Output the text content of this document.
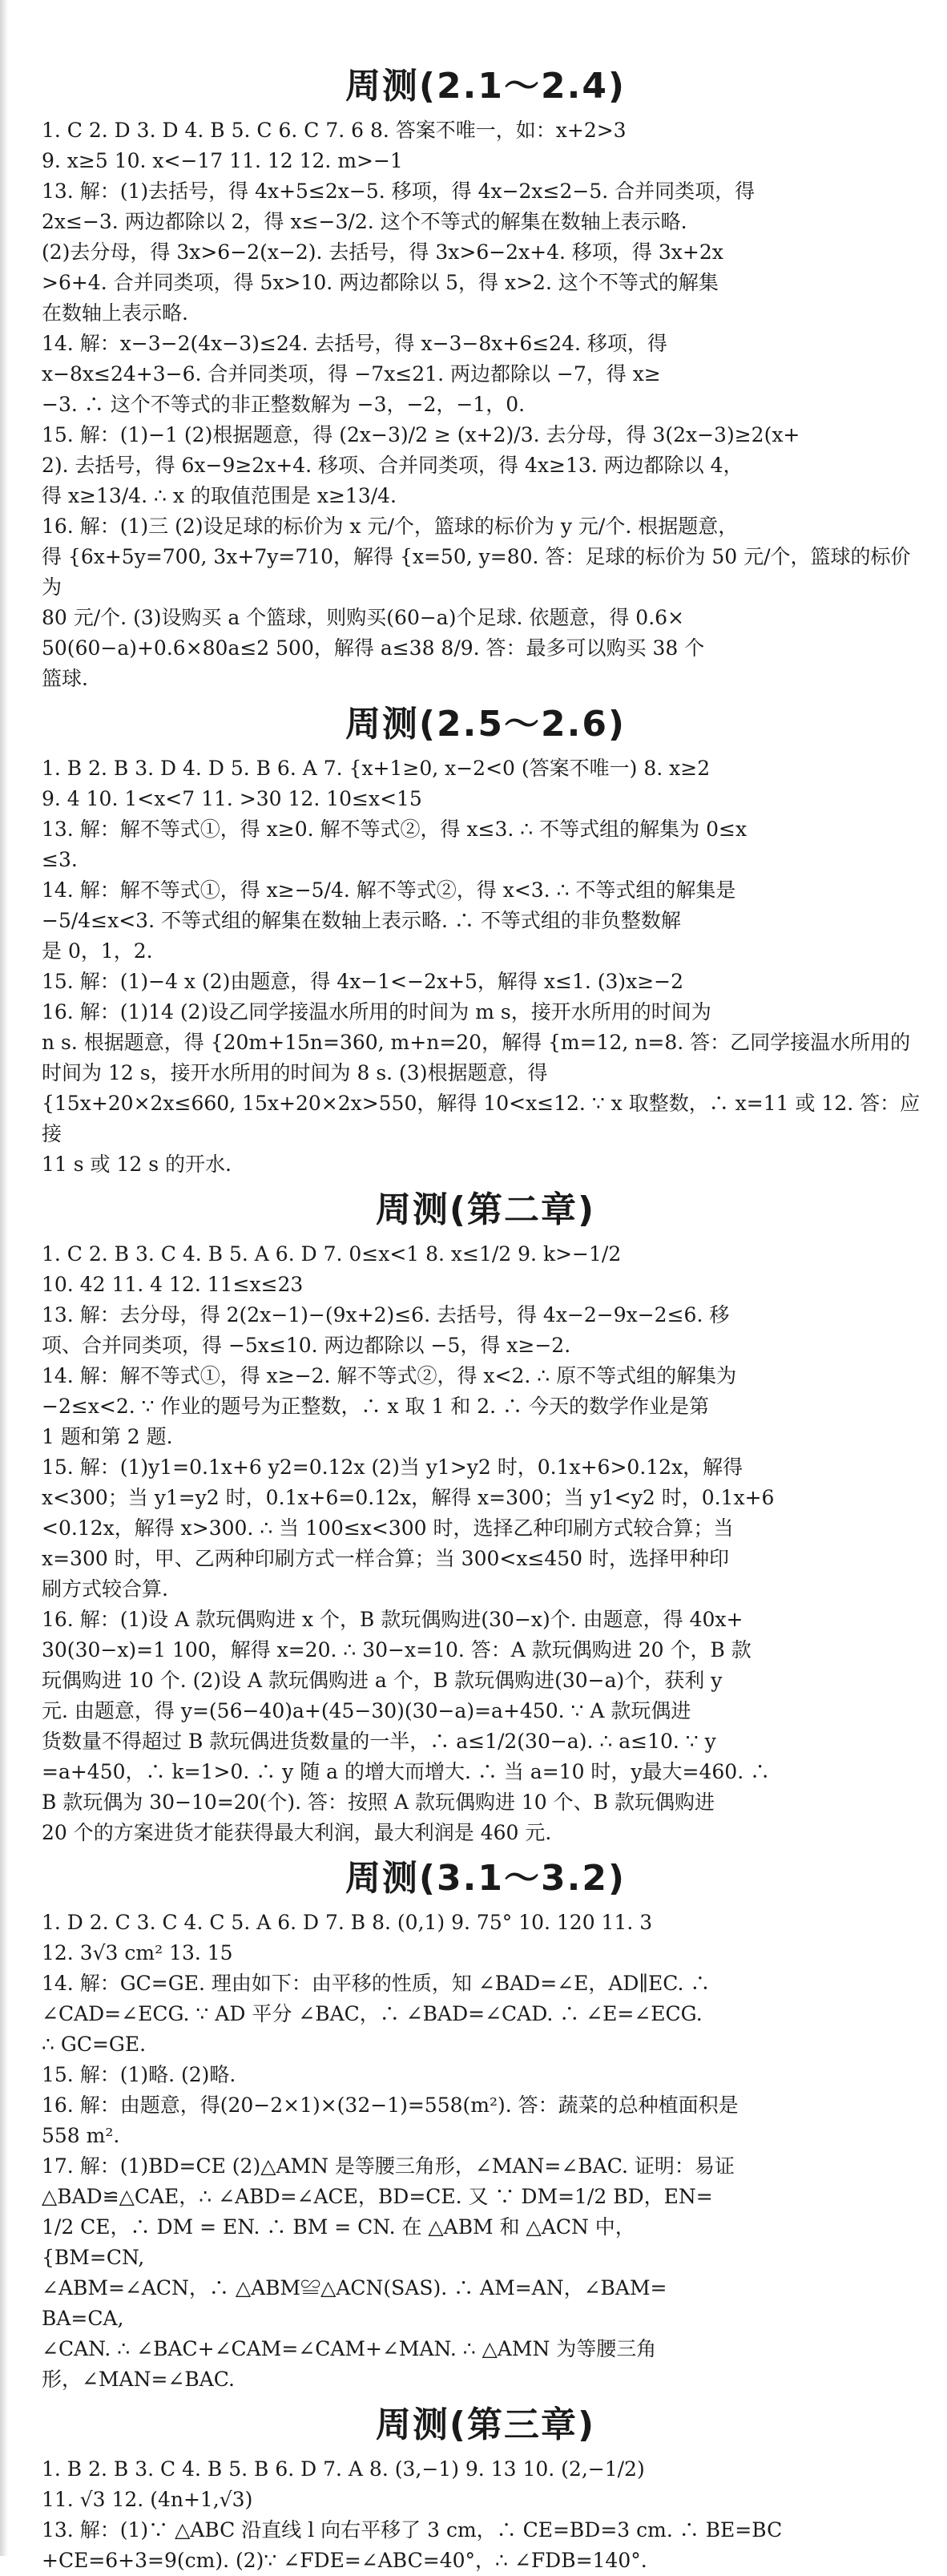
周测(2.1～2.4)

1. C 2. D 3. D 4. B 5. C 6. C 7. 6 8. 答案不唯一，如：x+2>3

9. x≥5 10. x<−17 11. 12 12. m>−1

13. 解：(1)去括号，得 4x+5≤2x−5. 移项，得 4x−2x≤2−5. 合并同类项，得

2x≤−3. 两边都除以 2，得 x≤−3/2. 这个不等式的解集在数轴上表示略.

(2)去分母，得 3x>6−2(x−2). 去括号，得 3x>6−2x+4. 移项，得 3x+2x

>6+4. 合并同类项，得 5x>10. 两边都除以 5，得 x>2. 这个不等式的解集

在数轴上表示略.

14. 解：x−3−2(4x−3)≤24. 去括号，得 x−3−8x+6≤24. 移项，得

x−8x≤24+3−6. 合并同类项，得 −7x≤21. 两边都除以 −7，得 x≥

−3. ∴ 这个不等式的非正整数解为 −3，−2，−1，0.

15. 解：(1)−1 (2)根据题意，得 (2x−3)/2 ≥ (x+2)/3. 去分母，得 3(2x−3)≥2(x+

2). 去括号，得 6x−9≥2x+4. 移项、合并同类项，得 4x≥13. 两边都除以 4，

得 x≥13/4. ∴ x 的取值范围是 x≥13/4.

16. 解：(1)三 (2)设足球的标价为 x 元/个，篮球的标价为 y 元/个. 根据题意，

得 {6x+5y=700, 3x+7y=710，解得 {x=50, y=80. 答：足球的标价为 50 元/个，篮球的标价为

80 元/个. (3)设购买 a 个篮球，则购买(60−a)个足球. 依题意，得 0.6×

50(60−a)+0.6×80a≤2 500，解得 a≤38 8/9. 答：最多可以购买 38 个

篮球.

周测(2.5～2.6)

1. B 2. B 3. D 4. D 5. B 6. A 7. {x+1≥0, x−2<0 (答案不唯一) 8. x≥2

9. 4 10. 1<x<7 11. >30 12. 10≤x<15

13. 解：解不等式①，得 x≥0. 解不等式②，得 x≤3. ∴ 不等式组的解集为 0≤x

≤3.

14. 解：解不等式①，得 x≥−5/4. 解不等式②，得 x<3. ∴ 不等式组的解集是

−5/4≤x<3. 不等式组的解集在数轴上表示略. ∴ 不等式组的非负整数解

是 0，1，2.

15. 解：(1)−4 x (2)由题意，得 4x−1<−2x+5，解得 x≤1. (3)x≥−2

16. 解：(1)14 (2)设乙同学接温水所用的时间为 m s，接开水所用的时间为

n s. 根据题意，得 {20m+15n=360, m+n=20，解得 {m=12, n=8. 答：乙同学接温水所用的

时间为 12 s，接开水所用的时间为 8 s. (3)根据题意，得

{15x+20×2x≤660, 15x+20×2x>550，解得 10<x≤12. ∵ x 取整数，∴ x=11 或 12. 答：应接

11 s 或 12 s 的开水.

周测(第二章)

1. C 2. B 3. C 4. B 5. A 6. D 7. 0≤x<1 8. x≤1/2 9. k>−1/2

10. 42 11. 4 12. 11≤x≤23

13. 解：去分母，得 2(2x−1)−(9x+2)≤6. 去括号，得 4x−2−9x−2≤6. 移

项、合并同类项，得 −5x≤10. 两边都除以 −5，得 x≥−2.

14. 解：解不等式①，得 x≥−2. 解不等式②，得 x<2. ∴ 原不等式组的解集为

−2≤x<2. ∵ 作业的题号为正整数，∴ x 取 1 和 2. ∴ 今天的数学作业是第

1 题和第 2 题.

15. 解：(1)y1=0.1x+6 y2=0.12x (2)当 y1>y2 时，0.1x+6>0.12x，解得

x<300；当 y1=y2 时，0.1x+6=0.12x，解得 x=300；当 y1<y2 时，0.1x+6

<0.12x，解得 x>300. ∴ 当 100≤x<300 时，选择乙种印刷方式较合算；当

x=300 时，甲、乙两种印刷方式一样合算；当 300<x≤450 时，选择甲种印

刷方式较合算.

16. 解：(1)设 A 款玩偶购进 x 个，B 款玩偶购进(30−x)个. 由题意，得 40x+

30(30−x)=1 100，解得 x=20. ∴ 30−x=10. 答：A 款玩偶购进 20 个，B 款

玩偶购进 10 个. (2)设 A 款玩偶购进 a 个，B 款玩偶购进(30−a)个，获利 y

元. 由题意，得 y=(56−40)a+(45−30)(30−a)=a+450. ∵ A 款玩偶进

货数量不得超过 B 款玩偶进货数量的一半，∴ a≤1/2(30−a). ∴ a≤10. ∵ y

=a+450，∴ k=1>0. ∴ y 随 a 的增大而增大. ∴ 当 a=10 时，y最大=460. ∴

B 款玩偶为 30−10=20(个). 答：按照 A 款玩偶购进 10 个、B 款玩偶购进

20 个的方案进货才能获得最大利润，最大利润是 460 元.

周测(3.1～3.2)

1. D 2. C 3. C 4. C 5. A 6. D 7. B 8. (0,1) 9. 75° 10. 120 11. 3

12. 3√3 cm² 13. 15

14. 解：GC=GE. 理由如下：由平移的性质，知 ∠BAD=∠E，AD∥EC. ∴

∠CAD=∠ECG. ∵ AD 平分 ∠BAC，∴ ∠BAD=∠CAD. ∴ ∠E=∠ECG.

∴ GC=GE.

15. 解：(1)略. (2)略.

16. 解：由题意，得(20−2×1)×(32−1)=558(m²). 答：蔬菜的总种植面积是

558 m².

17. 解：(1)BD=CE (2)△AMN 是等腰三角形，∠MAN=∠BAC. 证明：易证

△BAD≌△CAE，∴ ∠ABD=∠ACE，BD=CE. 又 ∵ DM=1/2 BD，EN=

1/2 CE，∴ DM = EN. ∴ BM = CN. 在 △ABM 和 △ACN 中，

{BM=CN,

∠ABM=∠ACN，∴ △ABM≌△ACN(SAS). ∴ AM=AN，∠BAM=

BA=CA,

∠CAN. ∴ ∠BAC+∠CAM=∠CAM+∠MAN. ∴ △AMN 为等腰三角

形，∠MAN=∠BAC.

周测(第三章)

1. B 2. B 3. C 4. B 5. B 6. D 7. A 8. (3,−1) 9. 13 10. (2,−1/2)

11. √3 12. (4n+1,√3)

13. 解：(1)∵ △ABC 沿直线 l 向右平移了 3 cm，∴ CE=BD=3 cm. ∴ BE=BC

+CE=6+3=9(cm). (2)∵ ∠FDE=∠ABC=40°，∴ ∠FDB=140°.
